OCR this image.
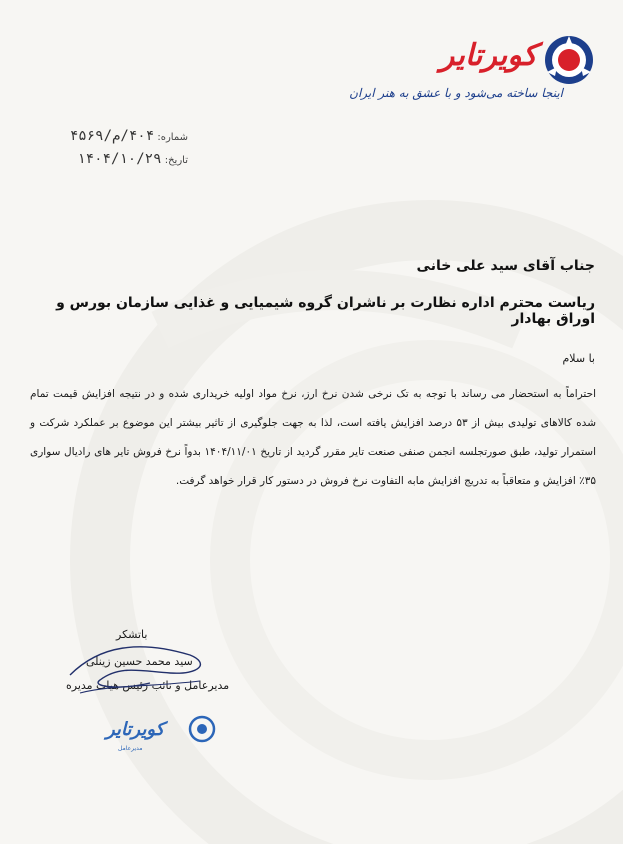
کویرتایر
اینجا ساخته می‌شود و با عشق به هنر ایران
شماره: ۴۰۴/م/۴۵۶۹
تاریخ: ۱۴۰۴/۱۰/۲۹
جناب آقای سید علی خانی
ریاست محترم اداره نظارت بر ناشران گروه شیمیایی و غذایی سازمان بورس و اوراق بهادار
با سلام
احتراماً به استحضار می رساند با توجه به تک نرخی شدن نرخ ارز، نرخ مواد اولیه خریداری شده و در نتیجه افزایش قیمت تمام شده کالاهای تولیدی بیش از ۵۳ درصد افزایش یافته است، لذا به جهت جلوگیری از تاثیر بیشتر این موضوع بر عملکرد شرکت و استمرار تولید، طبق صورتجلسه انجمن صنفی صنعت تایر مقرر گردید از تاریخ ۱۴۰۴/۱۱/۰۱ بدواً نرخ فروش تایر های رادیال سواری ۳۵٪ افزایش و متعاقباً به تدریج افزایش مابه التفاوت نرخ فروش در دستور کار قرار خواهد گرفت.
باتشکر
سید محمد حسین زینلی
مدیرعامل و نائب رئیس هیات مدیره
کویرتایر
مدیرعامل
